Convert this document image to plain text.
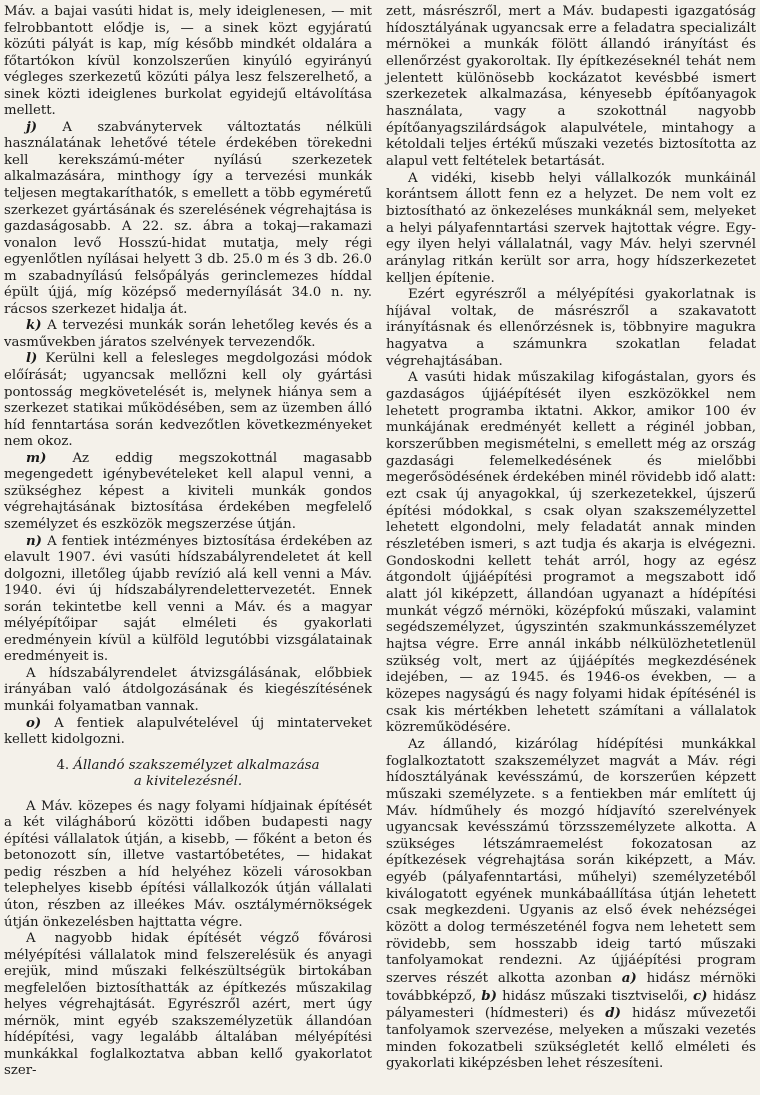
Máv. a bajai vasúti hidat is, mely ideiglenesen, — mit felrobbantott elődje is, — a sinek közt egyjáratú közúti pályát is kap, míg később mindkét oldalára a főtartókon kívül konzolszerűen kinyúló egyirányú végleges szerkezetű közúti pálya lesz felszerelhető, a sinek közti ideiglenes burkolat egyidejű eltávolítása mellett.

j) A szabványtervek változtatás nélküli használatának lehetővé tétele érdekében törekedni kell kerekszámú-méter nyílású szerkezetek alkalmazására, minthogy így a tervezési munkák teljesen megtakaríthatók, s emellett a több egyméretű szerkezet gyártásának és szerelésének végrehajtása is gazdaságosabb. A 22. sz. ábra a tokaj—rakamazi vonalon levő Hosszú-hidat mutatja, mely régi egyenlőtlen nyílásai helyett 3 db. 25.0 m és 3 db. 26.0 m szabadnyílású felsőpályás gerinclemezes híddal épült újjá, míg középső medernyílását 34.0 n. ny. rácsos szerkezet hidalja át.

k) A tervezési munkák során lehetőleg kevés és a vasművekben járatos szelvények tervezendők.

l) Kerülni kell a felesleges megdolgozási módok előírását; ugyancsak mellőzni kell oly gyártási pontosság megkövetelését is, melynek hiánya sem a szerkezet statikai működésében, sem az üzemben álló híd fenntartása során kedvezőtlen következményeket nem okoz.

m) Az eddig megszokottnál magasabb megengedett igénybevételeket kell alapul venni, a szükséghez képest a kiviteli munkák gondos végrehajtásának biztosítása érdekében megfelelő személyzet és eszközök megszerzése útján.

n) A fentiek intézményes biztosítása érdekében az elavult 1907. évi vasúti hídszabályrendeletet át kell dolgozni, illetőleg újabb revízió alá kell venni a Máv. 1940. évi új hídszabályrendelettervezetét. Ennek során tekintetbe kell venni a Máv. és a magyar mélyépítőipar saját elméleti és gyakorlati eredményein kívül a külföld legutóbbi vizsgálatainak eredményeit is.

A hídszabályrendelet átvizsgálásának, előbbiek irányában való átdolgozásának és kiegészítésének munkái folyamatban vannak.

o) A fentiek alapulvételével új mintaterveket kellett kidolgozni.

4. Állandó szakszemélyzet alkalmazása
a kivitelezésnél.

A Máv. közepes és nagy folyami hídjainak építését a két világháború közötti időben budapesti nagy építési vállalatok útján, a kisebb, — főként a beton és betonozott sín, illetve vastartóbetétes, — hidakat pedig részben a híd helyéhez közeli városokban telephelyes kisebb építési vállalkozók útján vállalati úton, részben az illeékes Máv. osztálymérnökségek útján önkezelésben hajttatta végre.

A nagyobb hidak építését végző fővárosi mélyépítési vállalatok mind felszerelésük és anyagi erejük, mind műszaki felkészültségük birtokában megfelelően biztosíthatták az építkezés műszakilag helyes végrehajtását. Egyrészről azért, mert úgy mérnök, mint egyéb szakszemélyzetük állandóan hídépítési, vagy legalább általában mélyépítési munkákkal foglalkoztatva abban kellő gyakorlatot szer-

zett, másrészről, mert a Máv. budapesti igazgatóság hídosztályának ugyancsak erre a feladatra specializált mérnökei a munkák fölött állandó irányítást és ellenőrzést gyakoroltak. Ily építkezéseknél tehát nem jelentett különösebb kockázatot kevésbbé ismert szerkezetek alkalmazása, kényesebb építőanyagok használata, vagy a szokottnál nagyobb építőanyagszilárdságok alapulvétele, mintahogy a kétoldali teljes értékű műszaki vezetés biztosította az alapul vett feltételek betartását.

A vidéki, kisebb helyi vállalkozók munkáinál korántsem állott fenn ez a helyzet. De nem volt ez biztosítható az önkezeléses munkáknál sem, melyeket a helyi pályafenntartási szervek hajtottak végre. Egy-egy ilyen helyi vállalatnál, vagy Máv. helyi szervnél aránylag ritkán került sor arra, hogy hídszerkezetet kelljen építenie.

Ezért egyrészről a mélyépítési gyakorlatnak is híjával voltak, de másrészről a szakavatott irányításnak és ellenőrzésnek is, többnyire magukra hagyatva a számunkra szokatlan feladat végrehajtásában.

A vasúti hidak műszakilag kifogástalan, gyors és gazdaságos újjáépítését ilyen eszközökkel nem lehetett programba iktatni. Akkor, amikor 100 év munkájának eredményét kellett a réginél jobban, korszerűbben megismételni, s emellett még az ország gazdasági felemelkedésének és mielőbbi megerősödésének érdekében minél rövidebb idő alatt: ezt csak új anyagokkal, új szerkezetekkel, újszerű építési módokkal, s csak olyan szakszemélyzettel lehetett elgondolni, mely feladatát annak minden részletében ismeri, s azt tudja és akarja is elvégezni. Gondoskodni kellett tehát arról, hogy az egész átgondolt újjáépítési programot a megszabott idő alatt jól kiképzett, állandóan ugyanazt a hídépítési munkát végző mérnöki, középfokú műszaki, valamint segédszemélyzet, úgyszintén szakmunkásszemélyzet hajtsa végre. Erre annál inkább nélkülözhetetlenül szükség volt, mert az újjáépítés megkezdésének idejében, — az 1945. és 1946-os években, — a közepes nagyságú és nagy folyami hidak építésénél is csak kis mértékben lehetett számítani a vállalatok közreműködésére.

Az állandó, kizárólag hídépítési munkákkal foglalkoztatott szakszemélyzet magvát a Máv. régi hídosztályának kevésszámú, de korszerűen képzett műszaki személyzete. s a fentiekben már említett új Máv. hídműhely és mozgó hídjavító szerelvények ugyancsak kevésszámú törzsszemélyzete alkotta. A szükséges létszámraemelést fokozatosan az építkezések végrehajtása során kiképzett, a Máv. egyéb (pályafenntartási, műhelyi) személyzetéből kiválogatott egyének munkábaállítása útján lehetett csak megkezdeni. Ugyanis az első évek nehézségei között a dolog természeténél fogva nem lehetett sem rövidebb, sem hosszabb ideig tartó műszaki tanfolyamokat rendezni. Az újjáépítési program szerves részét alkotta azonban a) hidász mérnöki továbbképző, b) hidász műszaki tisztviselői, c) hidász pályamesteri (hídmesteri) és d) hidász művezetői tanfolyamok szervezése, melyeken a műszaki vezetés minden fokozatbeli szükségletét kellő elméleti és gyakorlati kiképzésben lehet részesíteni.
